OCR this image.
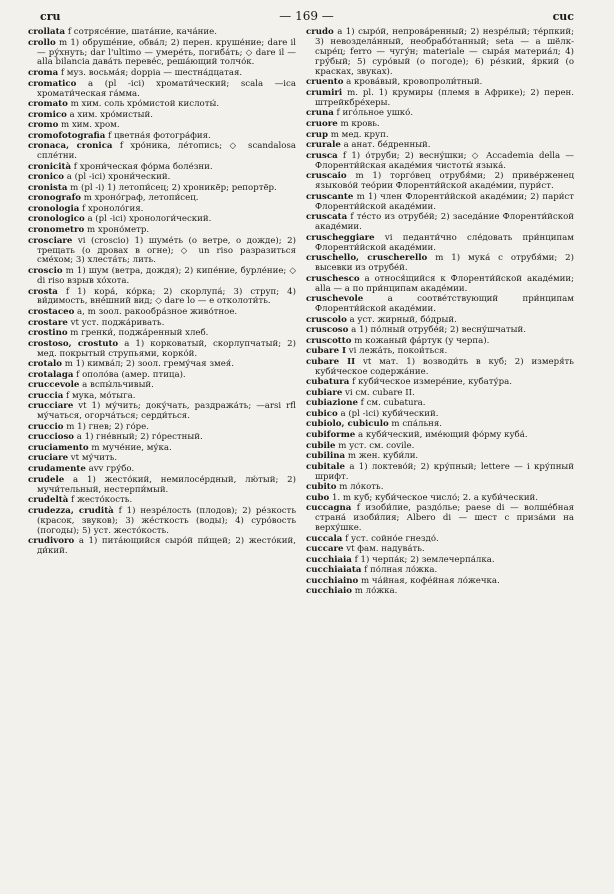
cru	— 169 —	cuc

crollata f сотрясе́ние, шата́ние, кача́ние.

crollo m 1) обруше́ние, обва́л; 2) перен. круше́ние; dare il — ру́хнуть; dar l'ultimo — умере́ть, погиба́ть; ◇ dare il — alla bilancia дава́ть переве́с, реша́ющий толчо́к.

croma f муз. восьма́я; doppia — шестна́дцатая.

cromatico a (pl -ici) хромати́ческий; scala —ica хромати́ческая га́мма.

cromato m хим. соль хро́мистой кислоты́.

cromico a хим. хро́мистый.

cromo m хим. хром.

cromofotografia f цветна́я фотогра́фия.

cronaca, cronica f хро́ника, ле́топись; ◇ scandalosa спле́тни.

cronicità f хрони́ческая фо́рма боле́зни.

cronico a (pl -ici) хрони́ческий.

cronista m (pl -i) 1) летопи́сец; 2) хроникёр; репортёр.

cronografo m хроно́граф, летопи́сец.

cronologia f хроноло́гия.

cronologico a (pl -ici) хронологи́ческий.

cronometro m хроно́метр.

crosciare vi (croscio) 1) шуме́ть (о ветре, о дожде); 2) трещать (о дровах в огне); ◇ un riso разразиться сме́хом; 3) хлеста́ть; лить.

croscio m 1) шум (ветра, дождя); 2) кипе́ние, бурле́ние; ◇ di riso взрыв хо́хота.

crosta f 1) кора́, ко́рка; 2) скорлупа́; 3) струп; 4) ви́димость, вне́шний вид; ◇ dare lo — е отколоти́ть.

crostaceo a, m зоол. ракообра́зное живо́тное.

crostare vt уст. поджа́ривать.

crostino m гренки́, поджа́ренный хлеб.

crostoso, crostuto a 1) корковатый, скорлупчатый; 2) мед. покрытый струпьями, корко́й.

crotalo m 1) кимва́л; 2) зоол. грему́чая змея́.

crotalaga f ополо́ва (амер. птица).

cruccevole a вспы́льчивый.

cruccia f мука, мо́тыга.

crucciare vt 1) му́чить; доку́чать, раздража́ть; —arsi rfl му́чаться, огорча́ться; серди́ться.

cruccio m 1) гнев; 2) го́ре.

cruccioso a 1) гне́вный; 2) го́рестный.

cruciamento m муче́ние, му́ка.

cruciare vt му́чить.

crudamente avv гру́бо.

crudele a 1) жесто́кий, немилосе́рдный, лю́тый; 2) мучи́тельный, нестерпи́мый.

crudeltà f жесто́кость.

crudezza, crudità f 1) незре́лость (плодов); 2) ре́зкость (красок, звуков); 3) же́сткость (воды); 4) суро́вость (погоды); 5) уст. жесто́кость.

crudivoro a 1) пита́ющийся сыро́й пи́щей; 2) жесто́кий, ди́кий.

crudo a 1) сыро́й, непрова́ренный; 2) незре́лый; те́рпкий; 3) невоздела́нный, необрабо́танный; seta — a шёлк-сыре́ц; ferro — чугу́н; materiale — сыра́я материа́л; 4) гру́бый; 5) суро́вый (о погоде); 6) ре́зкий, я́ркий (о красках, звуках).

cruento a крова́вый, кровопроли́тный.

crumiri m. pl. 1) крумиры (племя в Африке); 2) перен. штрейкбре́херы.

cruna f иго́льное ушко́.

cruore m кровь.

crup m мед. круп.

crurale a анат. бе́дренный.

crusca f 1) о́труби; 2) весну́шки; ◇ Accademia della — Флоренти́йская акаде́мия чистоты́ языка́.

cruscaio m 1) торго́вец отрубя́ми; 2) приве́рженец языково́й тео́рии Флоренти́йской акаде́мии, пури́ст.

cruscante m 1) член Флоренти́йской акаде́мии; 2) пари́ст Флоренти́йской акаде́мии.

cruscata f те́сто из отрубе́й; 2) заседа́ние Флоренти́йской акаде́мии.

cruscheggiare vi педанти́чно сле́довать при́нципам Флоренти́йской акаде́мии.

cruschello, cruscherello m 1) мука́ с отрубя́ми; 2) высевки из отрубе́й.

cruschesco a относя́щийся к Флоренти́йской акаде́мии; alla — a по при́нципам акаде́мии.

cruschevole a соотве́тствующий при́нципам Флоренти́йской акаде́мии.

cruscolo a уст. жирный, бо́дрый.

cruscoso a 1) по́лный отрубе́й; 2) весну́шчатый.

cruscotto m кожаный фа́ртук (у черпа).

cubare I vi лежа́ть, покои́ться.

cubare II vt мат. 1) возводи́ть в куб; 2) измеря́ть куби́ческое содержа́ние.

cubatura f куби́ческое измере́ние, кубату́ра.

cubiare vi см. cubare II.

cubiazione f см. cubatura.

cubico a (pl -ici) куби́ческий.

cubiolo, cubiculo m спа́льня.

cubiforme a куби́ческий, име́ющий фо́рму куба́.

cubile m уст. см. covile.

cubilina m жен. куби́ли.

cubitale a 1) локтево́й; 2) кру́пный; lettere — i кру́пный шрифт.

cubito m ло́коть.

cubo 1. m куб; куби́ческое число́; 2. a куби́ческий.

cuccagna f изоби́лие, раздо́лье; paese di — волше́бная страна́ изоби́лия; Albero di — шест с приза́ми на верху́шке.

cuccala f уст. сойно́е гнездо́.

cuccare vt фам. надува́ть.

cucchiaia f 1) черпа́к; 2) землечерпа́лка.

cucchiaiata f по́лная ло́жка.

cucchiaino m ча́йная, кофе́йная ло́жечка.

cucchiaio m ло́жка.
